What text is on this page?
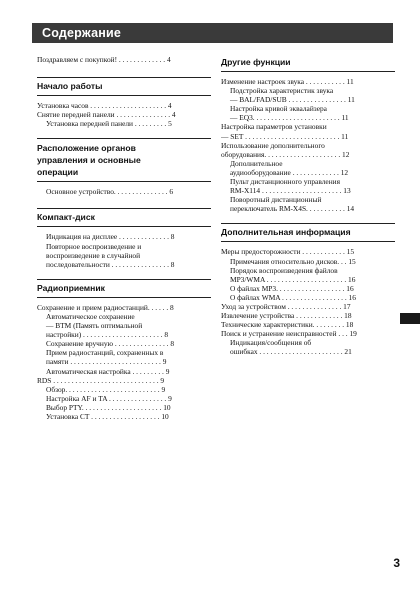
Содержание
Поздравляем с покупкой! . . . . . . . . . . . . . 4
Начало работы
Установка часов . . . . . . . . . . . . . . . . . . . . . 4
Снятие передней панели . . . . . . . . . . . . . . . 4
Установка передней панели . . . . . . . . . 5
Расположение органов
управления и основные
операции
Основное устройство. . . . . . . . . . . . . . . 6
Компакт-диск
Индикация на дисплее . . . . . . . . . . . . . . 8
Повторное воспроизведение и
воспроизведение в случайной
последовательности . . . . . . . . . . . . . . . . 8
Радиоприемник
Сохранение и прием радиостанций. . . . . . 8
Автоматическое сохранение
— BTM (Память оптимальной
настройки) . . . . . . . . . . . . . . . . . . . . . . 8
Сохранение вручную . . . . . . . . . . . . . . . 8
Прием радиостанций, сохраненных в
памяти . . . . . . . . . . . . . . . . . . . . . . . . . 9
Автоматическая настройка . . . . . . . . . 9
RDS . . . . . . . . . . . . . . . . . . . . . . . . . . . . . 9
Обзор. . . . . . . . . . . . . . . . . . . . . . . . . . 9
Настройка AF и TA . . . . . . . . . . . . . . . . 9
Выбор PTY. . . . . . . . . . . . . . . . . . . . . . 10
Установка CT . . . . . . . . . . . . . . . . . . . 10
Другие функции
Изменение настроек звука . . . . . . . . . . . 11
Подстройка характеристик звука
— BAL/FAD/SUB . . . . . . . . . . . . . . . . 11
Настройка кривой эквалайзера
— EQ3. . . . . . . . . . . . . . . . . . . . . . . . 11
Настройка параметров установки
— SET . . . . . . . . . . . . . . . . . . . . . . . . . . 11
Использование дополнительного
оборудования. . . . . . . . . . . . . . . . . . . . . 12
Дополнительное
аудиооборудование . . . . . . . . . . . . . 12
Пульт дистанционного управления
RM-X114 . . . . . . . . . . . . . . . . . . . . . . 13
Поворотный дистанционный
переключатель RM-X4S. . . . . . . . . . . 14
Дополнительная информация
Меры предосторожности . . . . . . . . . . . . 15
Примечания относительно дисков. . . 15
Порядок воспроизведения файлов
MP3/WMA . . . . . . . . . . . . . . . . . . . . . . 16
О файлах MP3. . . . . . . . . . . . . . . . . . . 16
О файлах WMA . . . . . . . . . . . . . . . . . . 16
Уход за устройством . . . . . . . . . . . . . . . 17
Извлечение устройства . . . . . . . . . . . . . 18
Технические характеристики. . . . . . . . . 18
Поиск и устранение неисправностей . . . 19
Индикация/сообщения об
ошибках . . . . . . . . . . . . . . . . . . . . . . . 21
3
